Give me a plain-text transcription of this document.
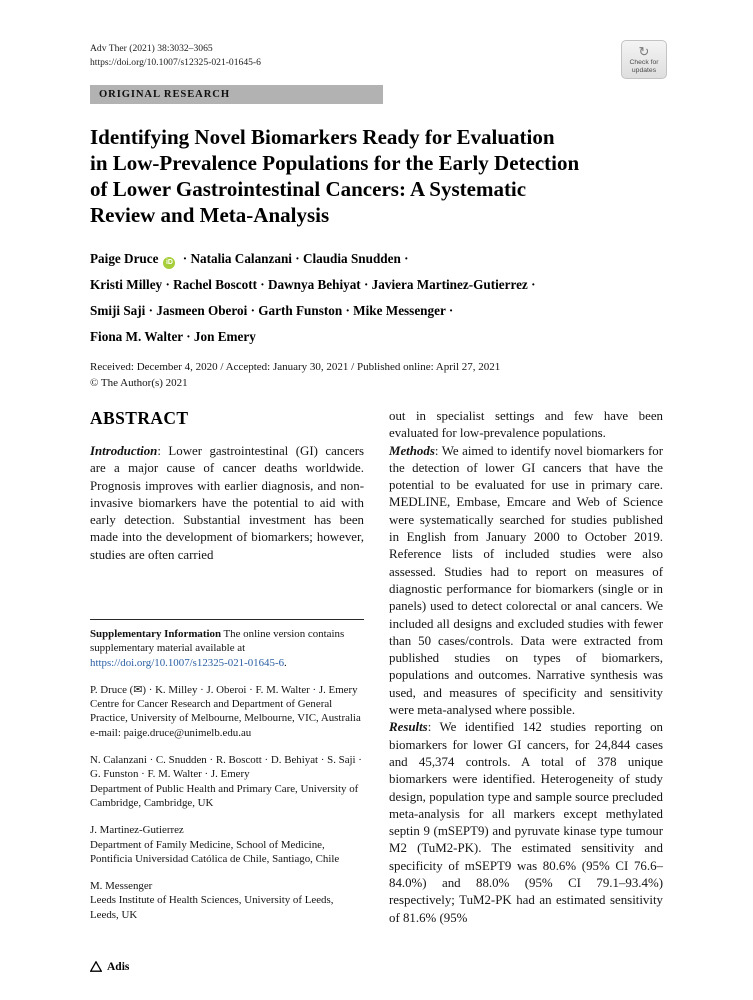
Adv Ther (2021) 38:3032–3065
https://doi.org/10.1007/s12325-021-01645-6
↻
Check for
updates
ORIGINAL RESEARCH
Identifying Novel Biomarkers Ready for Evaluation
in Low-Prevalence Populations for the Early Detection
of Lower Gastrointestinal Cancers: A Systematic
Review and Meta-Analysis
Paige Druce iD · Natalia Calanzani · Claudia Snudden ·
Kristi Milley · Rachel Boscott · Dawnya Behiyat · Javiera Martinez-Gutierrez ·
Smiji Saji · Jasmeen Oberoi · Garth Funston · Mike Messenger ·
Fiona M. Walter · Jon Emery
Received: December 4, 2020 / Accepted: January 30, 2021 / Published online: April 27, 2021
© The Author(s) 2021
ABSTRACT

Introduction: Lower gastrointestinal (GI) cancers are a major cause of cancer deaths worldwide. Prognosis improves with earlier diagnosis, and non-invasive biomarkers have the potential to aid with early detection. Substantial investment has been made into the development of biomarkers; however, studies are often carried

Supplementary Information The online version contains supplementary material available at https://doi.org/10.1007/s12325-021-01645-6.

P. Druce (✉) · K. Milley · J. Oberoi · F. M. Walter · J. Emery
Centre for Cancer Research and Department of General Practice, University of Melbourne, Melbourne, VIC, Australia
e-mail: paige.druce@unimelb.edu.au

N. Calanzani · C. Snudden · R. Boscott · D. Behiyat · S. Saji · G. Funston · F. M. Walter · J. Emery
Department of Public Health and Primary Care, University of Cambridge, Cambridge, UK

J. Martinez-Gutierrez
Department of Family Medicine, School of Medicine, Pontificia Universidad Católica de Chile, Santiago, Chile

M. Messenger
Leeds Institute of Health Sciences, University of Leeds, Leeds, UK

out in specialist settings and few have been evaluated for low-prevalence populations.

Methods: We aimed to identify novel biomarkers for the detection of lower GI cancers that have the potential to be evaluated for use in primary care. MEDLINE, Embase, Emcare and Web of Science were systematically searched for studies published in English from January 2000 to October 2019. Reference lists of included studies were also assessed. Studies had to report on measures of diagnostic performance for biomarkers (single or in panels) used to detect colorectal or anal cancers. We included all designs and excluded studies with fewer than 50 cases/controls. Data were extracted from published studies on types of biomarkers, populations and outcomes. Narrative synthesis was used, and measures of specificity and sensitivity were meta-analysed where possible.

Results: We identified 142 studies reporting on biomarkers for lower GI cancers, for 24,844 cases and 45,374 controls. A total of 378 unique biomarkers were identified. Heterogeneity of study design, population type and sample source precluded meta-analysis for all markers except methylated septin 9 (mSEPT9) and pyruvate kinase type tumour M2 (TuM2-PK). The estimated sensitivity and specificity of mSEPT9 was 80.6% (95% CI 76.6–84.0%) and 88.0% (95% CI 79.1–93.4%) respectively; TuM2-PK had an estimated sensitivity of 81.6% (95%

Adis
